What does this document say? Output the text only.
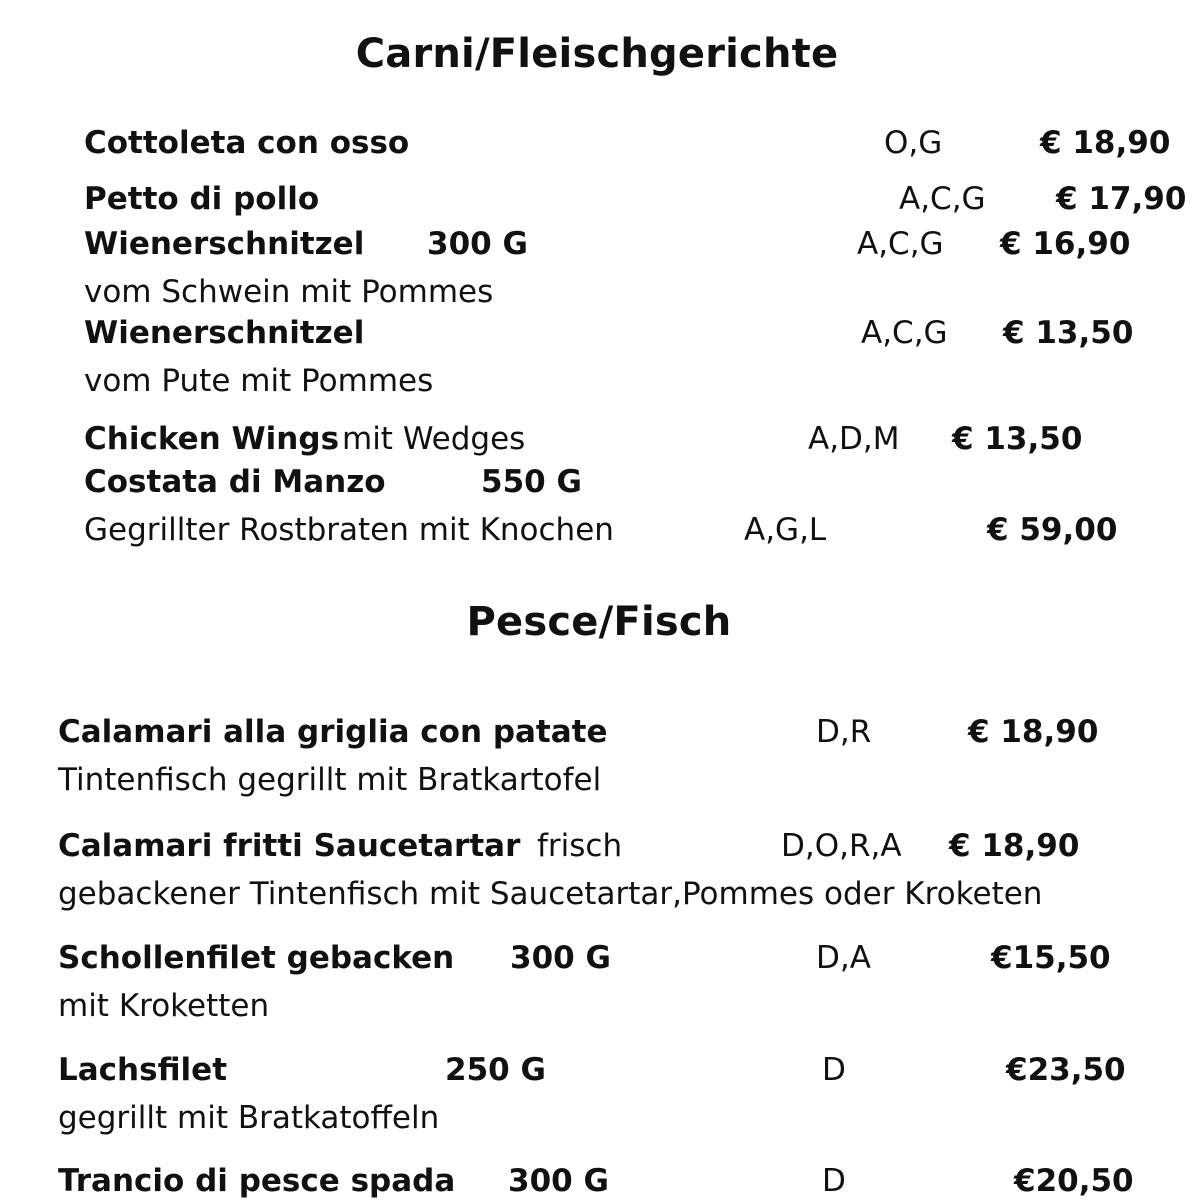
Carni/Fleischgerichte
Cottoleta con osso	O,G	€ 18,90
Petto di pollo	A,C,G € 17,90
Wienerschnitzel 300 G	A,C,G € 16,90
vom Schwein mit Pommes
Wienerschnitzel	A,C,G € 13,50
vom Pute mit Pommes
Chicken Wings mit Wedges	A,D,M € 13,50
Costata di Manzo	550 G
Gegrillter Rostbraten mit Knochen	A,G,L	€ 59,00
Pesce/Fisch
Calamari alla griglia con patate	D,R	€ 18,90
Tintenfisch gegrillt mit Bratkartofel
Calamari fritti Saucetartar frisch	D,O,R,A € 18,90
gebackener Tintenfisch mit Saucetartar,Pommes oder Kroketen
Schollenfilet gebacken 300 G	D,A	€15,50
mit Kroketten
Lachsfilet	250 G	D	€23,50
gegrillt mit Bratkatoffeln
Trancio di pesce spada 300 G	D	€20,50
